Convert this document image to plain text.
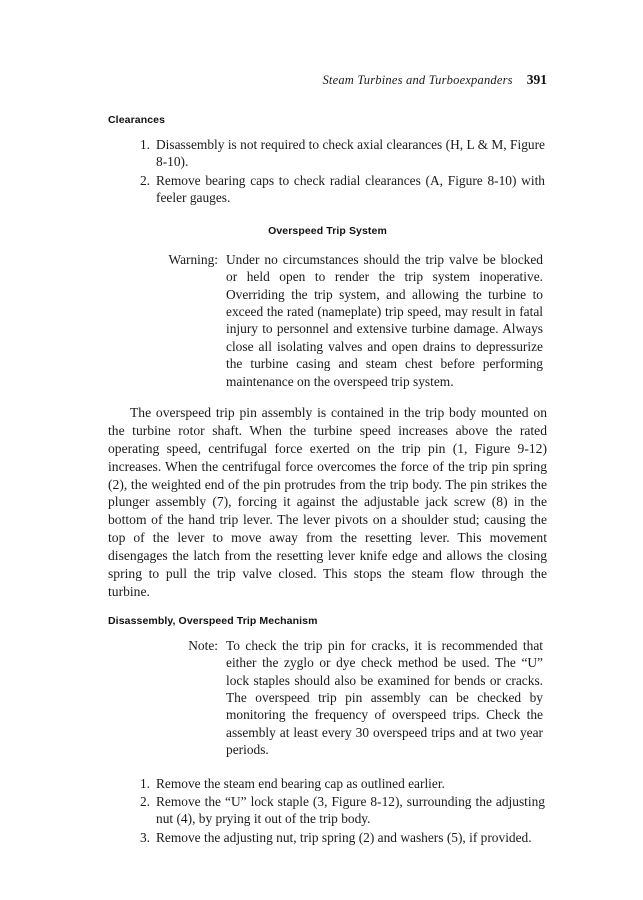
Steam Turbines and Turboexpanders 391
Clearances
1. Disassembly is not required to check axial clearances (H, L & M, Figure 8-10).
2. Remove bearing caps to check radial clearances (A, Figure 8-10) with feeler gauges.
Overspeed Trip System
Warning: Under no circumstances should the trip valve be blocked or held open to render the trip system inoperative. Overriding the trip system, and allowing the turbine to exceed the rated (nameplate) trip speed, may result in fatal injury to personnel and extensive turbine damage. Always close all isolating valves and open drains to depressurize the turbine casing and steam chest before performing maintenance on the overspeed trip system.

The overspeed trip pin assembly is contained in the trip body mounted on the turbine rotor shaft. When the turbine speed increases above the rated operating speed, centrifugal force exerted on the trip pin (1, Figure 9-12) increases. When the centrifugal force overcomes the force of the trip pin spring (2), the weighted end of the pin protrudes from the trip body. The pin strikes the plunger assembly (7), forcing it against the adjustable jack screw (8) in the bottom of the hand trip lever. The lever pivots on a shoulder stud; causing the top of the lever to move away from the resetting lever. This movement disengages the latch from the resetting lever knife edge and allows the closing spring to pull the trip valve closed. This stops the steam flow through the turbine.

Disassembly, Overspeed Trip Mechanism
Note: To check the trip pin for cracks, it is recommended that either the zyglo or dye check method be used. The “U” lock staples should also be examined for bends or cracks. The overspeed trip pin assembly can be checked by monitoring the frequency of overspeed trips. Check the assembly at least every 30 overspeed trips and at two year periods.
1. Remove the steam end bearing cap as outlined earlier.
2. Remove the “U” lock staple (3, Figure 8-12), surrounding the adjusting nut (4), by prying it out of the trip body.
3. Remove the adjusting nut, trip spring (2) and washers (5), if provided.
